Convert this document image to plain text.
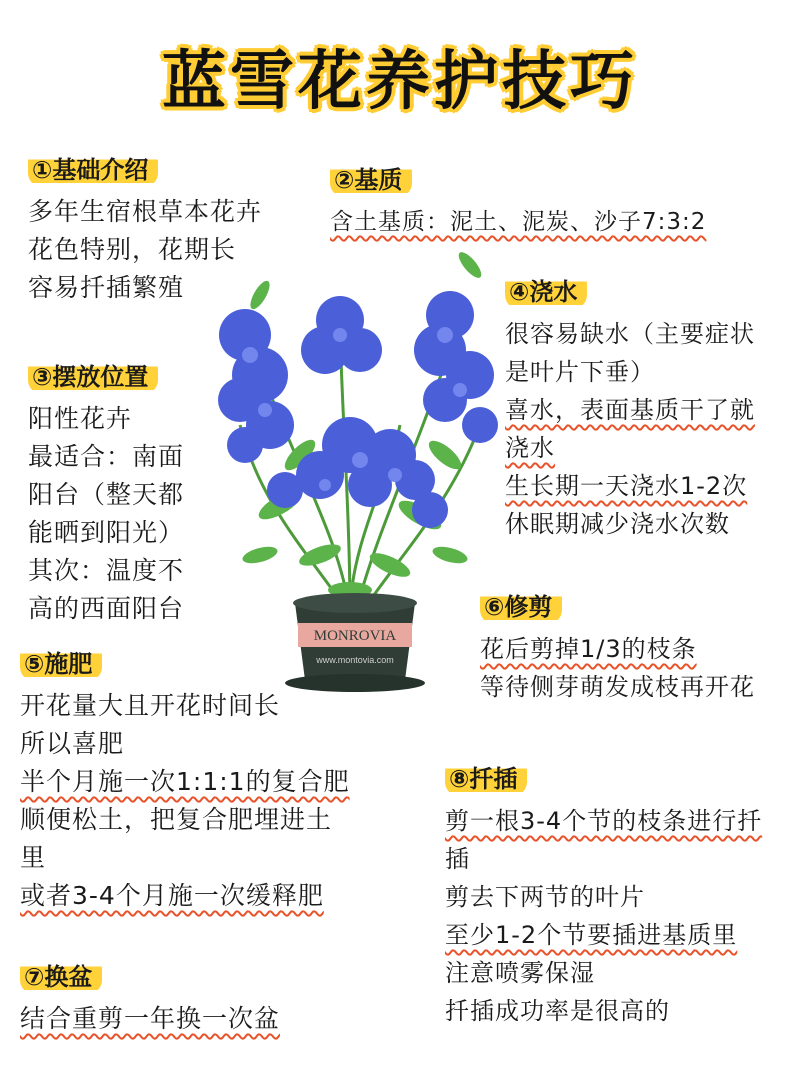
蓝雪花养护技巧
①基础介绍
多年生宿根草本花卉
花色特别，花期长
容易扦插繁殖
②基质
含土基质：泥土、泥炭、沙子7:3:2
③摆放位置
阳性花卉
最适合：南面
阳台（整天都
能晒到阳光）
其次：温度不
高的西面阳台
④浇水
很容易缺水（主要症状
是叶片下垂）
喜水，表面基质干了就
浇水
生长期一天浇水1-2次
休眠期减少浇水次数
MONROVIA
www.montovia.com
⑤施肥
开花量大且开花时间长
所以喜肥
半个月施一次1:1:1的复合肥
顺便松土，把复合肥埋进土
里
或者3-4个月施一次缓释肥
⑥修剪
花后剪掉1/3的枝条
等待侧芽萌发成枝再开花
⑦换盆
结合重剪一年换一次盆
⑧扦插
剪一根3-4个节的枝条进行扦
插
剪去下两节的叶片
至少1-2个节要插进基质里
注意喷雾保湿
扦插成功率是很高的
